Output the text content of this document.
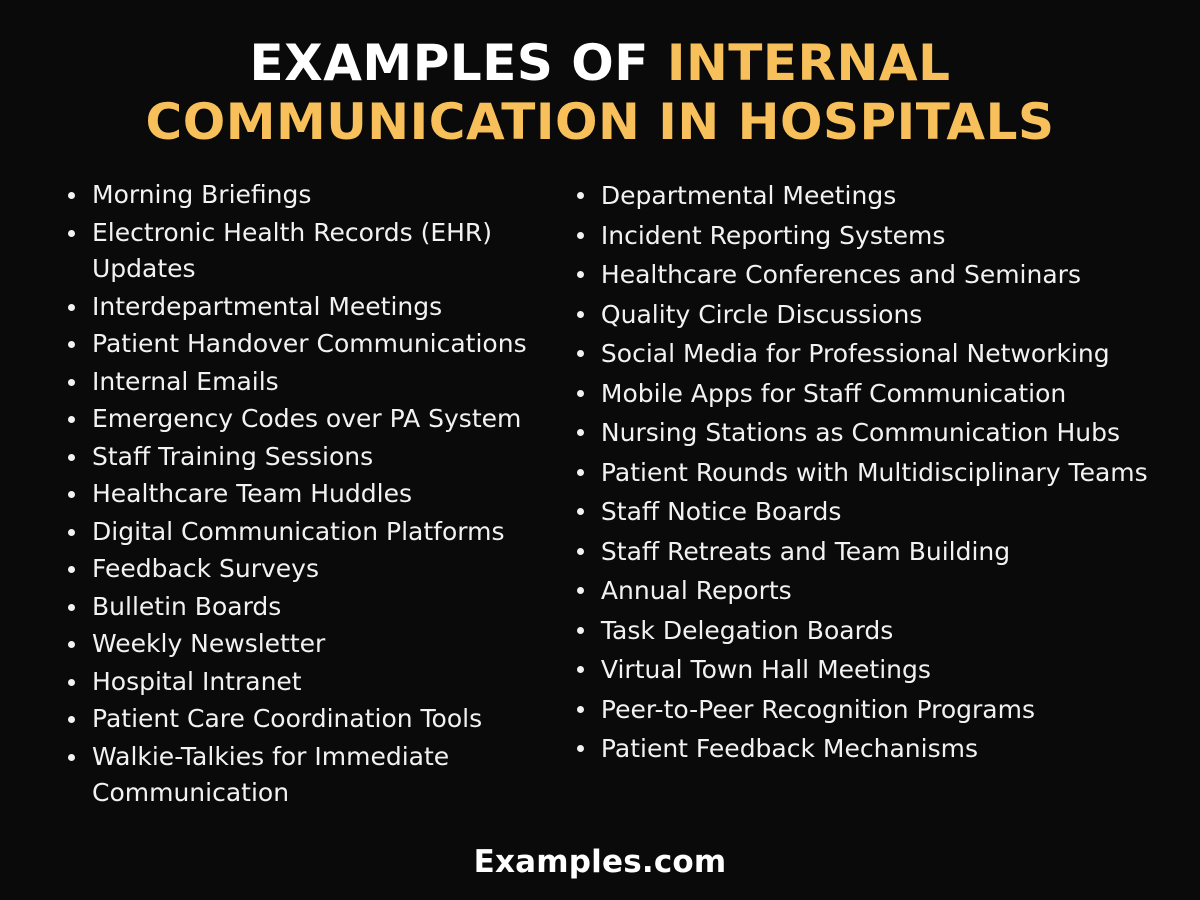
EXAMPLES OF INTERNAL
COMMUNICATION IN HOSPITALS
Morning Briefings
Electronic Health Records (EHR) Updates
Interdepartmental Meetings
Patient Handover Communications
Internal Emails
Emergency Codes over PA System
Staff Training Sessions
Healthcare Team Huddles
Digital Communication Platforms
Feedback Surveys
Bulletin Boards
Weekly Newsletter
Hospital Intranet
Patient Care Coordination Tools
Walkie-Talkies for Immediate Communication
Departmental Meetings
Incident Reporting Systems
Healthcare Conferences and Seminars
Quality Circle Discussions
Social Media for Professional Networking
Mobile Apps for Staff Communication
Nursing Stations as Communication Hubs
Patient Rounds with Multidisciplinary Teams
Staff Notice Boards
Staff Retreats and Team Building
Annual Reports
Task Delegation Boards
Virtual Town Hall Meetings
Peer-to-Peer Recognition Programs
Patient Feedback Mechanisms
Examples.com
